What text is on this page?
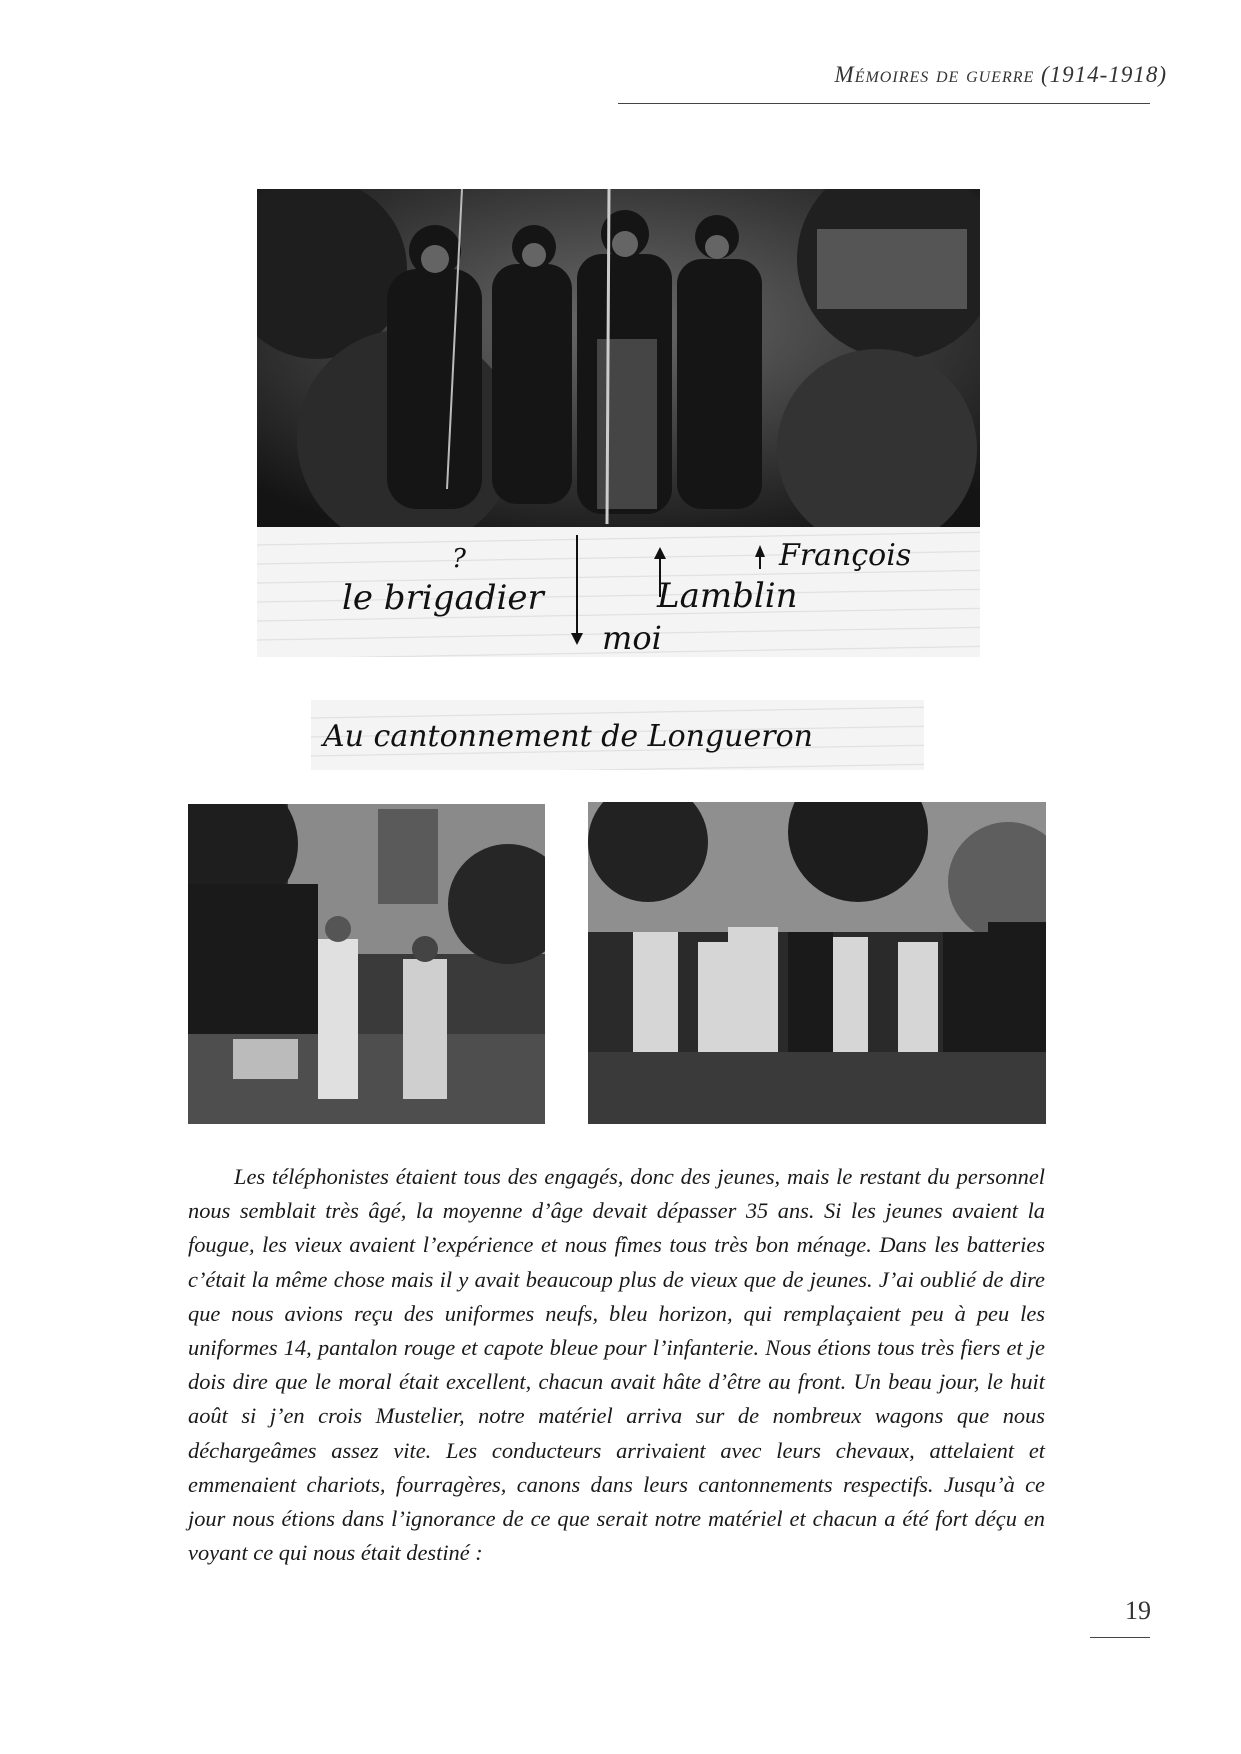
Mémoires de guerre (1914-1918)
?
le brigadier
moi
Lamblin
François
Au cantonnement de Longueron

Les téléphonistes étaient tous des engagés, donc des jeunes, mais le restant du personnel nous semblait très âgé, la moyenne d’âge devait dépasser 35 ans. Si les jeunes avaient la fougue, les vieux avaient l’expérience et nous fîmes tous très bon ménage. Dans les batteries c’était la même chose mais il y avait beaucoup plus de vieux que de jeunes. J’ai oublié de dire que nous avions reçu des uniformes neufs, bleu horizon, qui remplaçaient peu à peu les uniformes 14, pantalon rouge et capote bleue pour l’infanterie. Nous étions tous très fiers et je dois dire que le moral était excellent, chacun avait hâte d’être au front. Un beau jour, le huit août si j’en crois Mustelier, notre matériel arriva sur de nombreux wagons que nous déchargeâmes assez vite. Les conducteurs arrivaient avec leurs chevaux, attelaient et emmenaient chariots, fourragères, canons dans leurs cantonnements respectifs. Jusqu’à ce jour nous étions dans l’ignorance de ce que serait notre matériel et chacun a été fort déçu en voyant ce qui nous était destiné :

19
